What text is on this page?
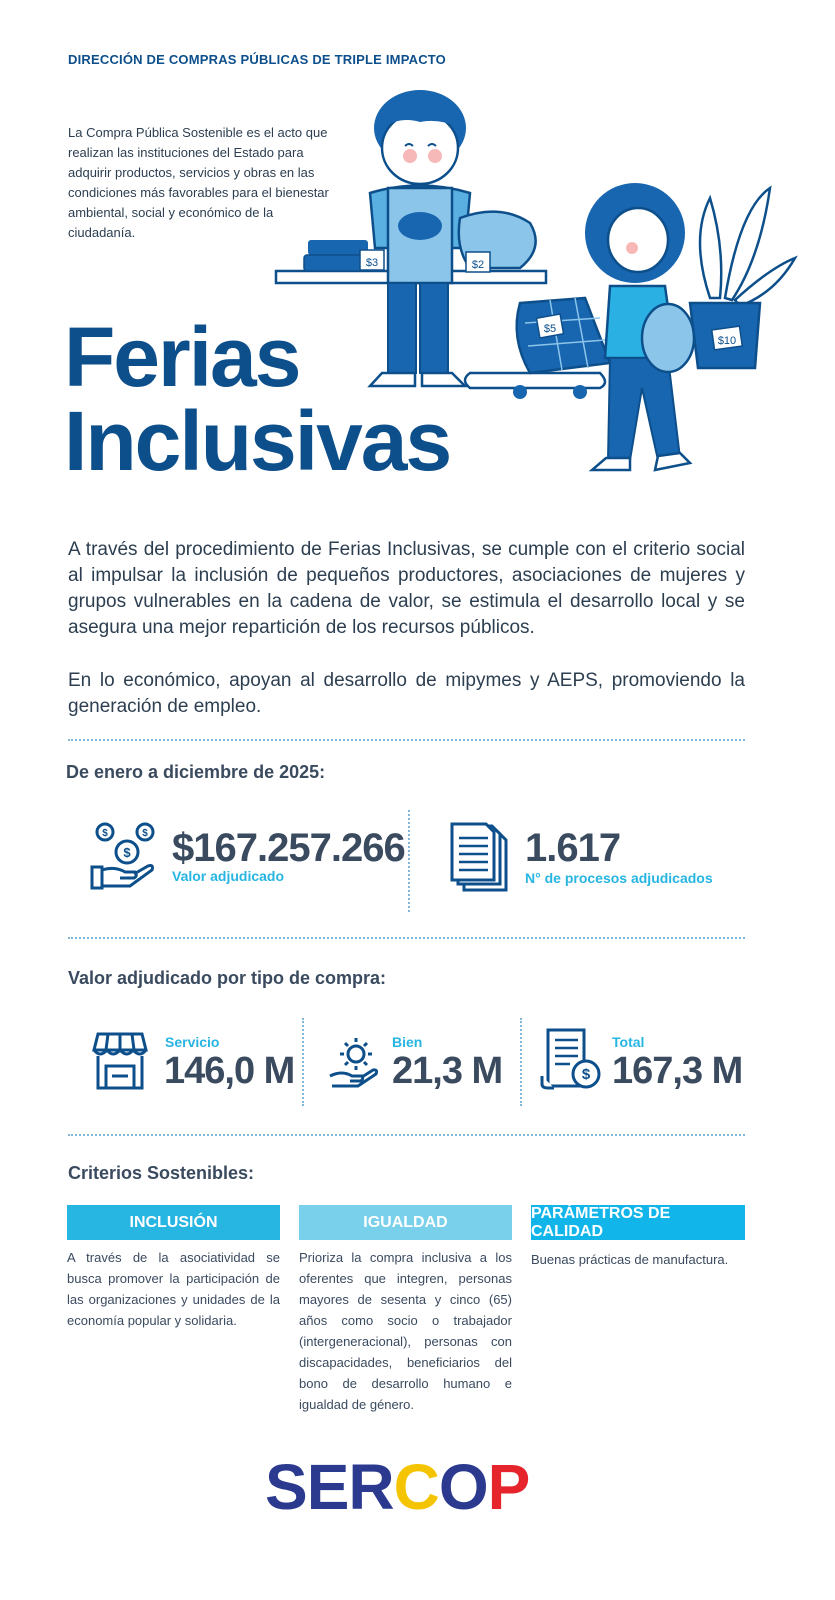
DIRECCIÓN DE COMPRAS PÚBLICAS DE TRIPLE IMPACTO
La Compra Pública Sostenible es el acto que realizan las instituciones del Estado para adquirir productos, servicios y obras en las condiciones más favorables para el bienestar ambiental, social y económico de la ciudadanía.
$3	$2
$5
$10
Ferias
Inclusivas
A través del procedimiento de Ferias Inclusivas, se cumple con el criterio social al impulsar la inclusión de pequeños productores, asociaciones de mujeres y grupos vulnerables en la cadena de valor, se estimula el desarrollo local y se asegura una mejor repartición de los recursos públicos.
En lo económico, apoyan al desarrollo de mipymes y AEPS, promoviendo la generación de empleo.
De enero a diciembre de 2025:
$	$
$ $167.257.266
Valor adjudicado
1.617
N° de procesos adjudicados
Valor adjudicado por tipo de compra:
Servicio
146,0 M
Bien
21,3 M	$
Total
167,3 M
Criterios Sostenibles:
INCLUSIÓN
A través de la asociatividad se busca promover la participación de las organizaciones y unidades de la economía popular y solidaria.
IGUALDAD
Prioriza la compra inclusiva a los oferentes que integren, personas mayores de sesenta y cinco (65) años como socio o trabajador (intergeneracional), personas con discapacidades, beneficiarios del bono de desarrollo humano e igualdad de género.
PARÁMETROS DE CALIDAD
Buenas prácticas de manufactura.
SERCOP
